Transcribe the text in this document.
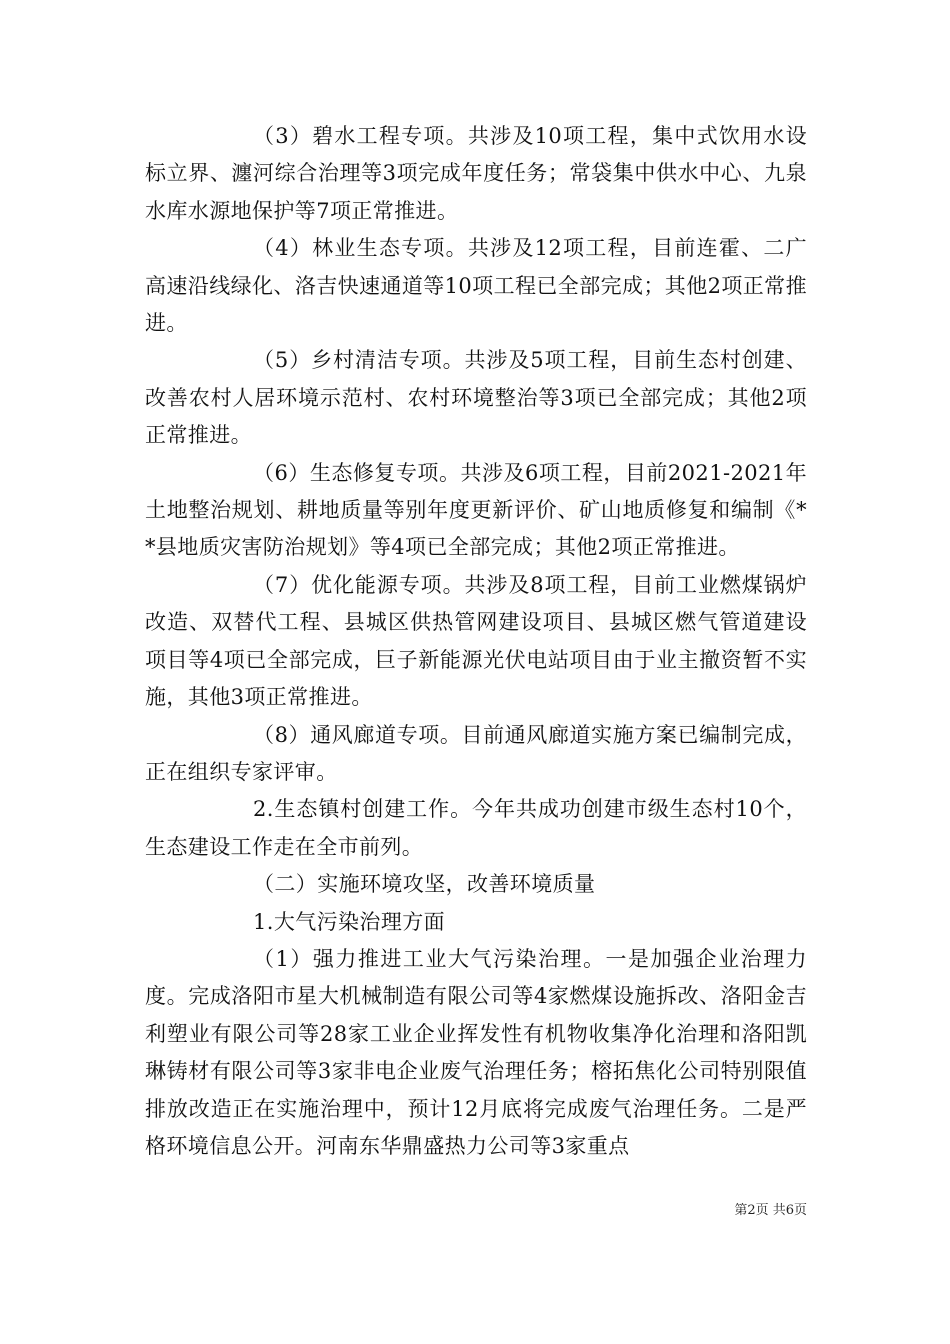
（3）碧水工程专项。共涉及10项工程，集中式饮用水设标立界、瀍河综合治理等3项完成年度任务；常袋集中供水中心、九泉水库水源地保护等7项正常推进。

（4）林业生态专项。共涉及12项工程，目前连霍、二广高速沿线绿化、洛吉快速通道等10项工程已全部完成；其他2项正常推进。

（5）乡村清洁专项。共涉及5项工程，目前生态村创建、改善农村人居环境示范村、农村环境整治等3项已全部完成；其他2项正常推进。

（6）生态修复专项。共涉及6项工程，目前2021-2021年土地整治规划、耕地质量等别年度更新评价、矿山地质修复和编制《**县地质灾害防治规划》等4项已全部完成；其他2项正常推进。

（7）优化能源专项。共涉及8项工程，目前工业燃煤锅炉改造、双替代工程、县城区供热管网建设项目、县城区燃气管道建设项目等4项已全部完成，巨子新能源光伏电站项目由于业主撤资暂不实施，其他3项正常推进。

（8）通风廊道专项。目前通风廊道实施方案已编制完成，正在组织专家评审。

2.生态镇村创建工作。今年共成功创建市级生态村10个，生态建设工作走在全市前列。

（二）实施环境攻坚，改善环境质量

1.大气污染治理方面

（1）强力推进工业大气污染治理。一是加强企业治理力度。完成洛阳市星大机械制造有限公司等4家燃煤设施拆改、洛阳金吉利塑业有限公司等28家工业企业挥发性有机物收集净化治理和洛阳凯琳铸材有限公司等3家非电企业废气治理任务；榕拓焦化公司特别限值排放改造正在实施治理中，预计12月底将完成废气治理任务。二是严格环境信息公开。河南东华鼎盛热力公司等3家重点

第2页 共6页
